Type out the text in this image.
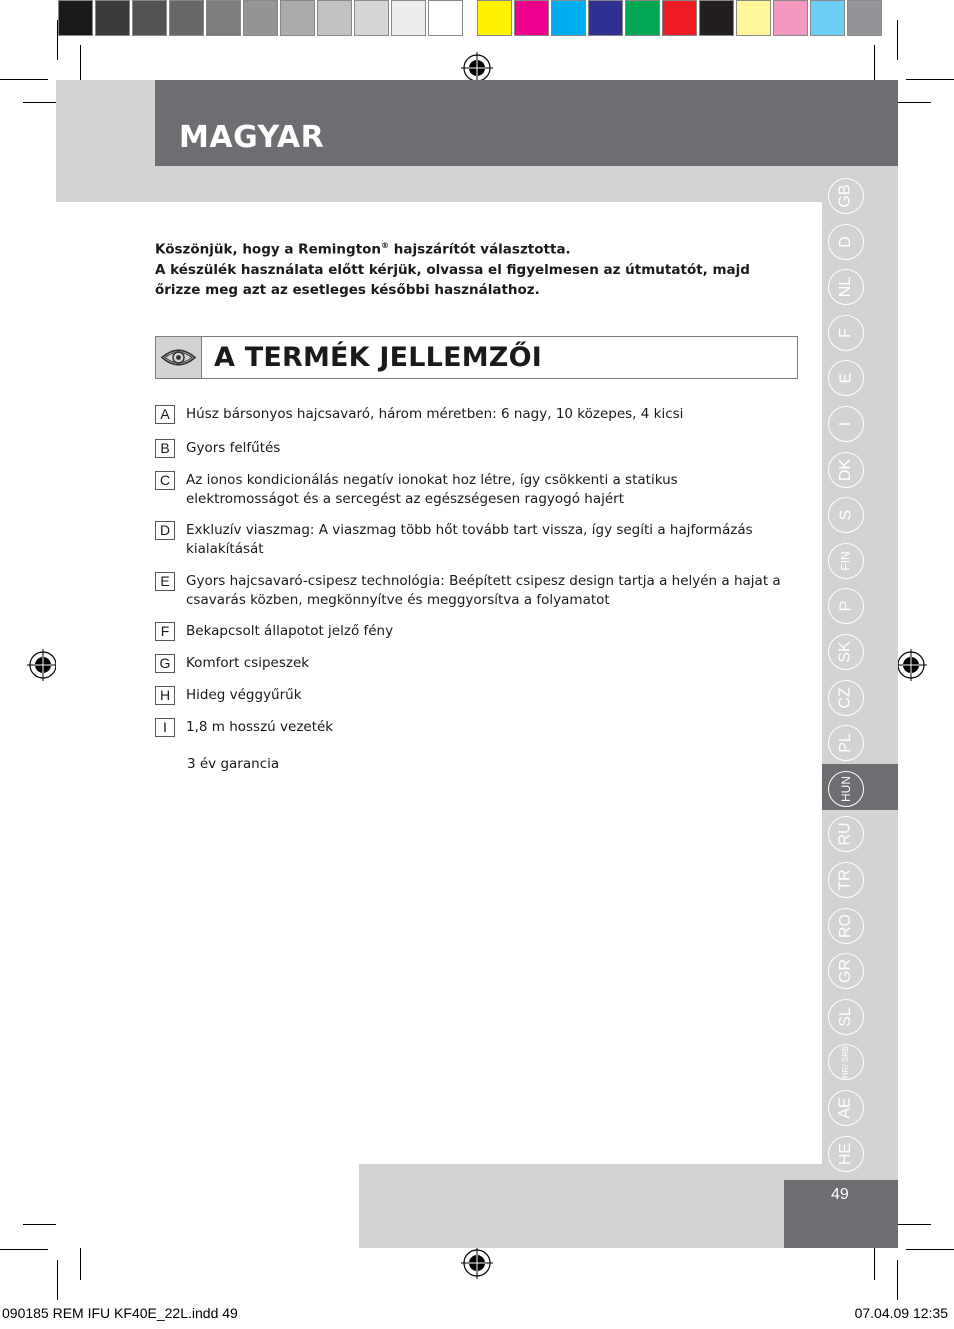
MAGYAR

Köszönjük, hogy a Remington® hajszárítót választotta.

A készülék használata előtt kérjük, olvassa el figyelmesen az útmutatót, majd őrizze meg azt az esetleges későbbi használathoz.

A TERMÉK JELLEMZŐI
A	Húsz bársonyos hajcsavaró, három méretben: 6 nagy, 10 közepes, 4 kicsi
B	Gyors felfűtés
C	Az ionos kondicionálás negatív ionokat hoz létre, így csökkenti a statikus elektromosságot és a sercegést az egészségesen ragyogó hajért
D	Exkluzív viaszmag: A viaszmag több hőt tovább tart vissza, így segíti a hajformázás kialakítását
E	Gyors hajcsavaró-csipesz technológia: Beépített csipesz design tartja a helyén a hajat a csavarás közben, megkönnyítve és meggyorsítva a folyamatot
F	Bekapcsolt állapotot jelző fény
G	Komfort csipeszek
H	Hideg véggyűrűk
I	1,8 m hosszú vezeték
3 év garancia
GB
D
NL
F
E
I
DK
S
FIN
P
SK
CZ
PL
HUN
RU
TR
RO
GR
SL
HR/ SRB
AE
HE
49
090185 REM IFU KF40E_22L.indd 49	07.04.09 12:35
